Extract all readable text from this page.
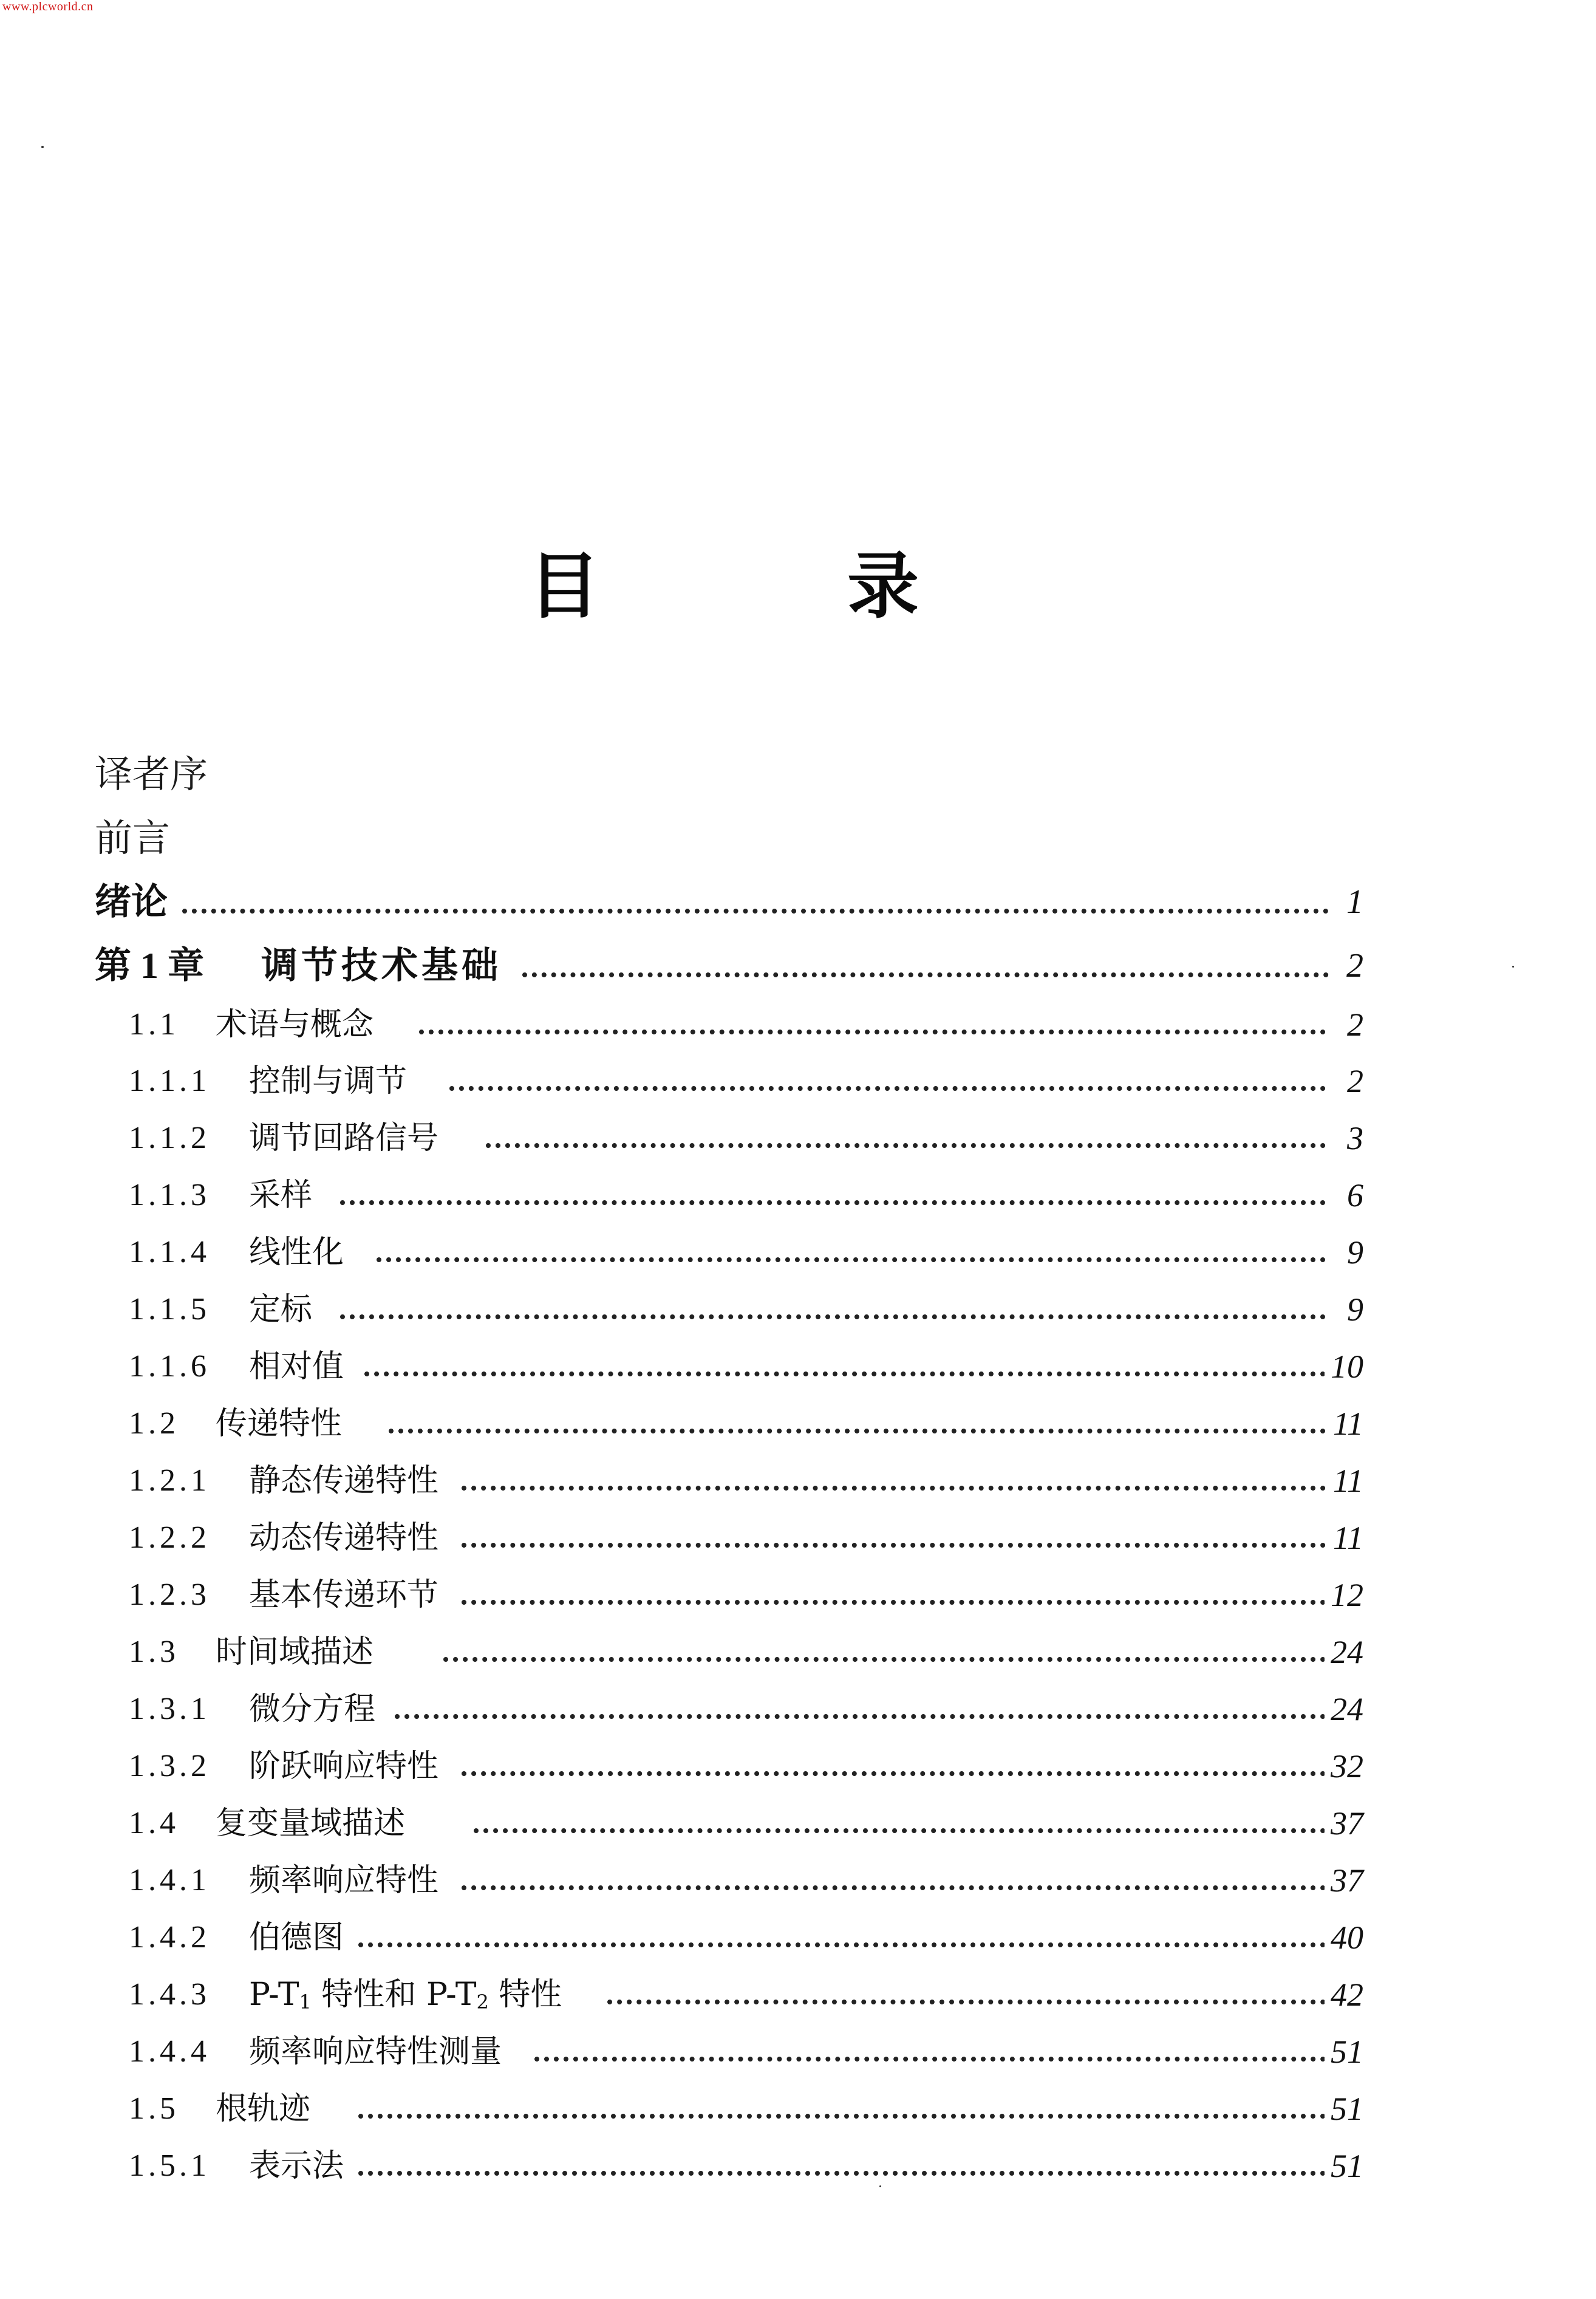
www.plcworld.cn
目	录
译者序
前言
绪论	1
第 1 章 调节技术基础	2
1.1 术语与概念	2
1.1.1 控制与调节	2
1.1.2 调节回路信号	3
1.1.3 采样	6
1.1.4 线性化	9
1.1.5 定标	9
1.1.6 相对值	10
1.2 传递特性	11
1.2.1 静态传递特性	11
1.2.2 动态传递特性	11
1.2.3 基本传递环节	12
1.3 时间域描述	24
1.3.1 微分方程	24
1.3.2 阶跃响应特性	32
1.4 复变量域描述	37
1.4.1 频率响应特性	37
1.4.2 伯德图	40
1.4.3 $P-T_1$ 特性和 $P-T_2$ 特性	42
1.4.4 频率响应特性测量	51
1.5 根轨迹	51
1.5.1 表示法	51
